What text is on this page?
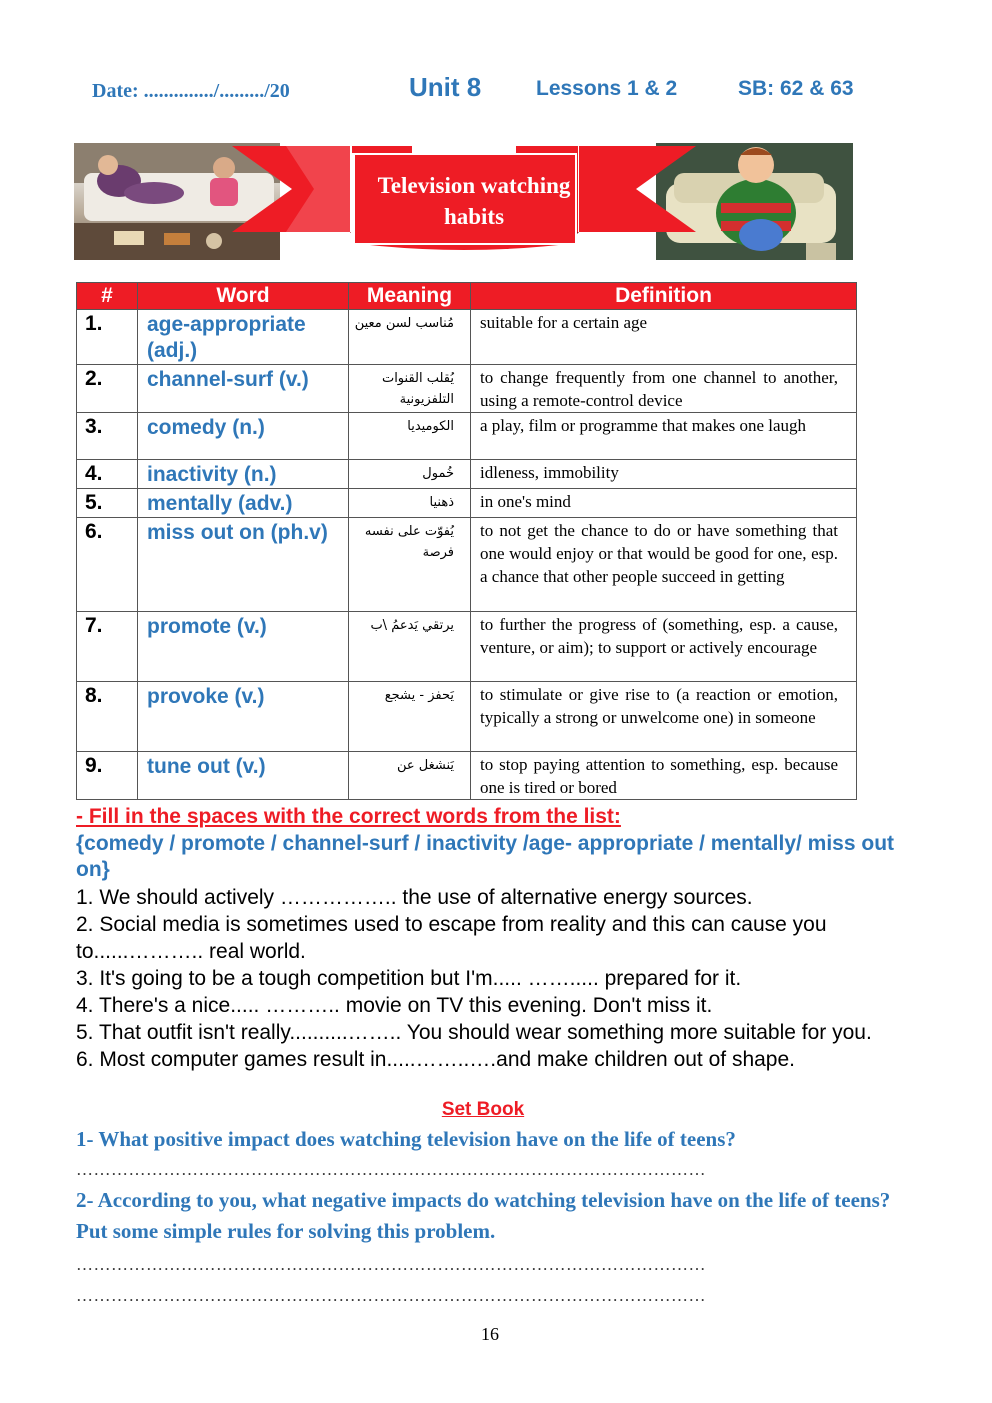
Date: ............../........./20	Unit 8	Lessons 1 & 2	SB: 62 & 63
Television watching
habits
#	Word	Meaning	Definition
1.	age-appropriate (adj.)	مُناسب لسن معين	suitable for a certain age
2.	channel-surf (v.)	يُقلب القنوات التلفزيونية	to change frequently from one channel to another, using a remote-control device
3.	comedy (n.)	الكوميديا	a play, film or programme that makes one laugh
4.	inactivity (n.)	خُمول	idleness, immobility
5.	mentally (adv.)	ذهنيا	in one's mind
6.	miss out on (ph.v)	يُفوّت على نفسه فرصة	to not get the chance to do or have something that one would enjoy or that would be good for one, esp. a chance that other people succeed in getting
7.	promote (v.)	يرتقي يَدعمُ \ب	to further the progress of (something, esp. a cause, venture, or aim); to support or actively encourage
8.	provoke (v.)	يَحفز - يشجع	to stimulate or give rise to (a reaction or emotion, typically a strong or unwelcome one) in someone
9.	tune out (v.)	يَنشغل عن	to stop paying attention to something, esp. because one is tired or bored
- Fill in the spaces with the correct words from the list:
{comedy / promote / channel-surf / inactivity /age- appropriate / mentally/ miss out on}
1. We should actively …………….. the use of alternative energy sources.
2. Social media is sometimes used to escape from reality and this can cause you to......……….. real world.
3. It's going to be a tough competition but I'm..... ……..... prepared for it.
4. There's a nice..... ……….. movie on TV this evening. Don't miss it.
5. That outfit isn't really..........…….. You should wear something more suitable for you.
6. Most computer games result in.....……..….and make children out of shape.
Set Book
1- What positive impact does watching television have on the life of teens?
………………………………………………………………………………………………
2- According to you, what negative impacts do watching television have on the life of teens? Put some simple rules for solving this problem.
………………………………………………………………………………………………
………………………………………………………………………………………………
16
